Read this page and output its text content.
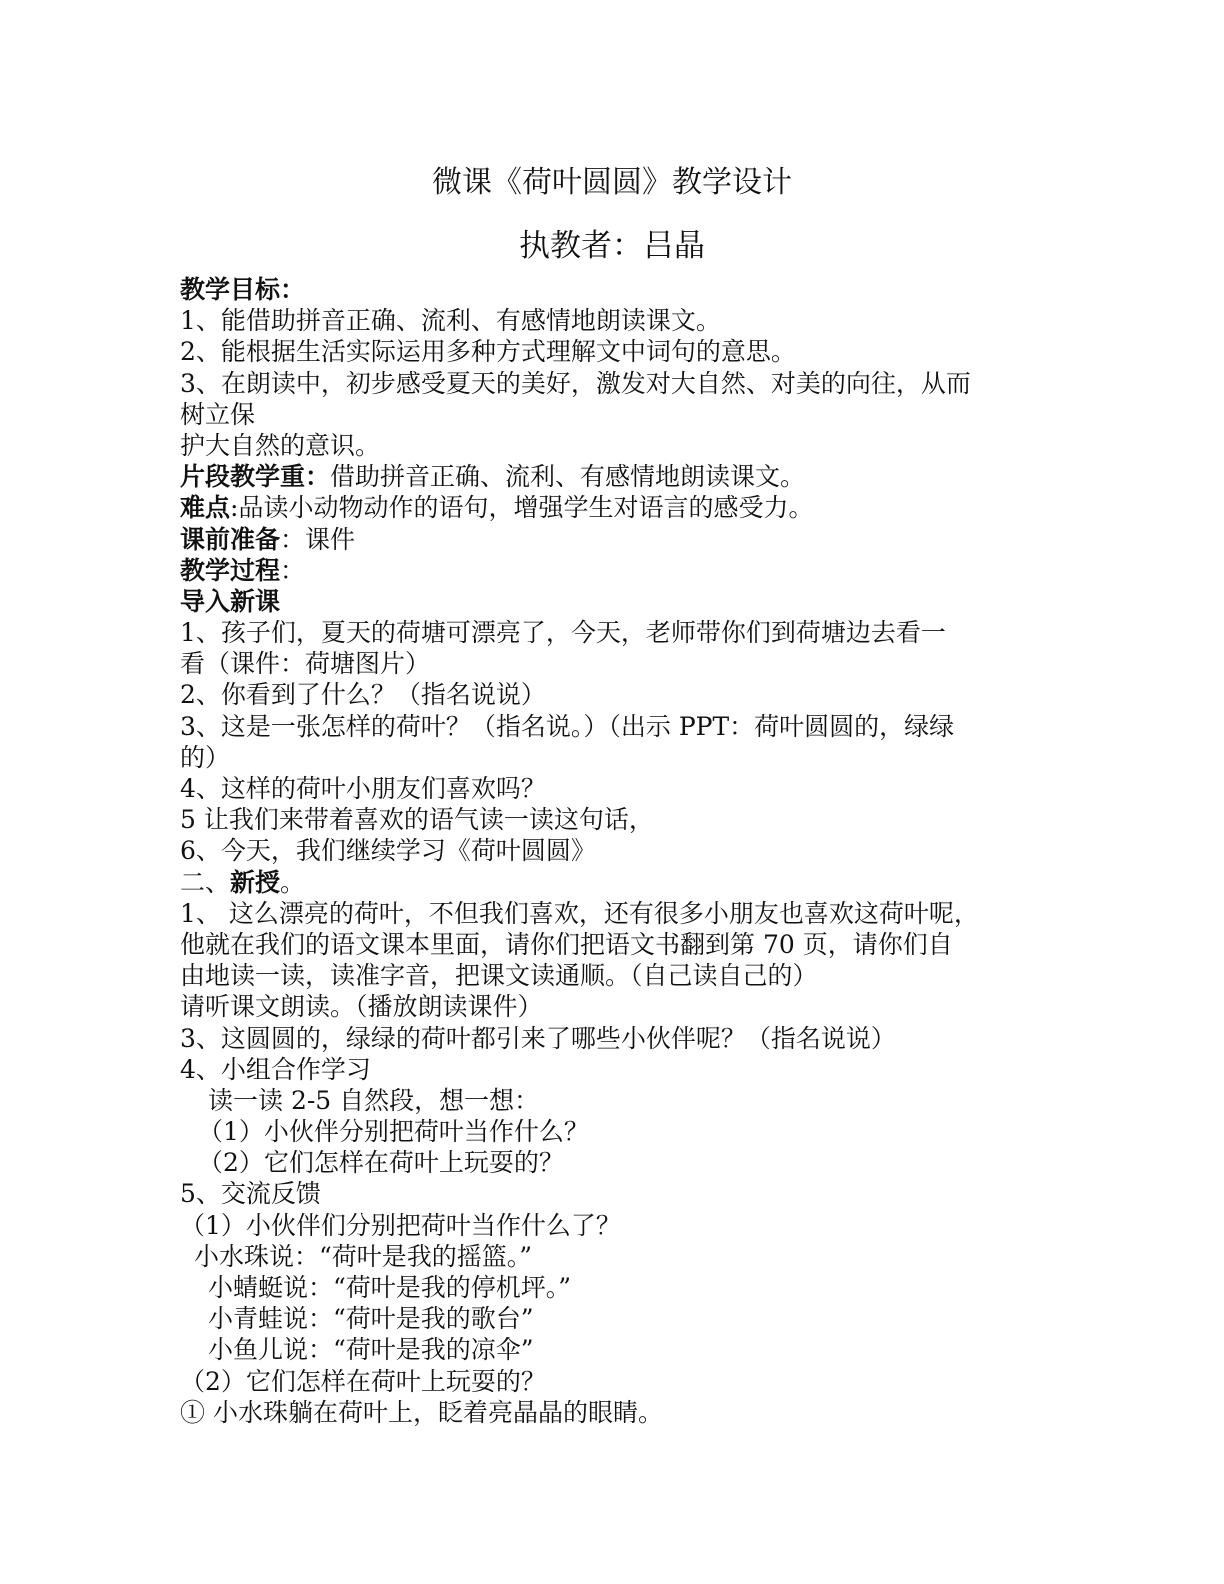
微课《荷叶圆圆》教学设计
执教者：吕晶
教学目标：
1、能借助拼音正确、流利、有感情地朗读课文。
2、能根据生活实际运用多种方式理解文中词句的意思。
3、在朗读中，初步感受夏天的美好，激发对大自然、对美的向往，从而
树立保
护大自然的意识。
片段教学重：借助拼音正确、流利、有感情地朗读课文。
难点:品读小动物动作的语句，增强学生对语言的感受力。
课前准备：课件
教学过程：
导入新课
1、孩子们，夏天的荷塘可漂亮了，今天，老师带你们到荷塘边去看一
看（课件：荷塘图片）
2、你看到了什么？（指名说说）
3、这是一张怎样的荷叶？（指名说。）（出示 PPT：荷叶圆圆的，绿绿
的）
4、这样的荷叶小朋友们喜欢吗？
5 让我们来带着喜欢的语气读一读这句话，
6、今天，我们继续学习《荷叶圆圆》
二、新授。
1、 这么漂亮的荷叶，不但我们喜欢，还有很多小朋友也喜欢这荷叶呢，
他就在我们的语文课本里面，请你们把语文书翻到第 70 页，请你们自
由地读一读，读准字音，把课文读通顺。（自己读自己的）
请听课文朗读。（播放朗读课件）
3、这圆圆的，绿绿的荷叶都引来了哪些小伙伴呢？（指名说说）
4、小组合作学习
读一读 2-5 自然段，想一想：
（1）小伙伴分别把荷叶当作什么？
（2）它们怎样在荷叶上玩耍的？
5、交流反馈
（1）小伙伴们分别把荷叶当作什么了？
小水珠说：“荷叶是我的摇篮。”
小蜻蜓说：“荷叶是我的停机坪。”
小青蛙说：“荷叶是我的歌台”
小鱼儿说：“荷叶是我的凉伞”
（2）它们怎样在荷叶上玩耍的？
① 小水珠躺在荷叶上，眨着亮晶晶的眼睛。
